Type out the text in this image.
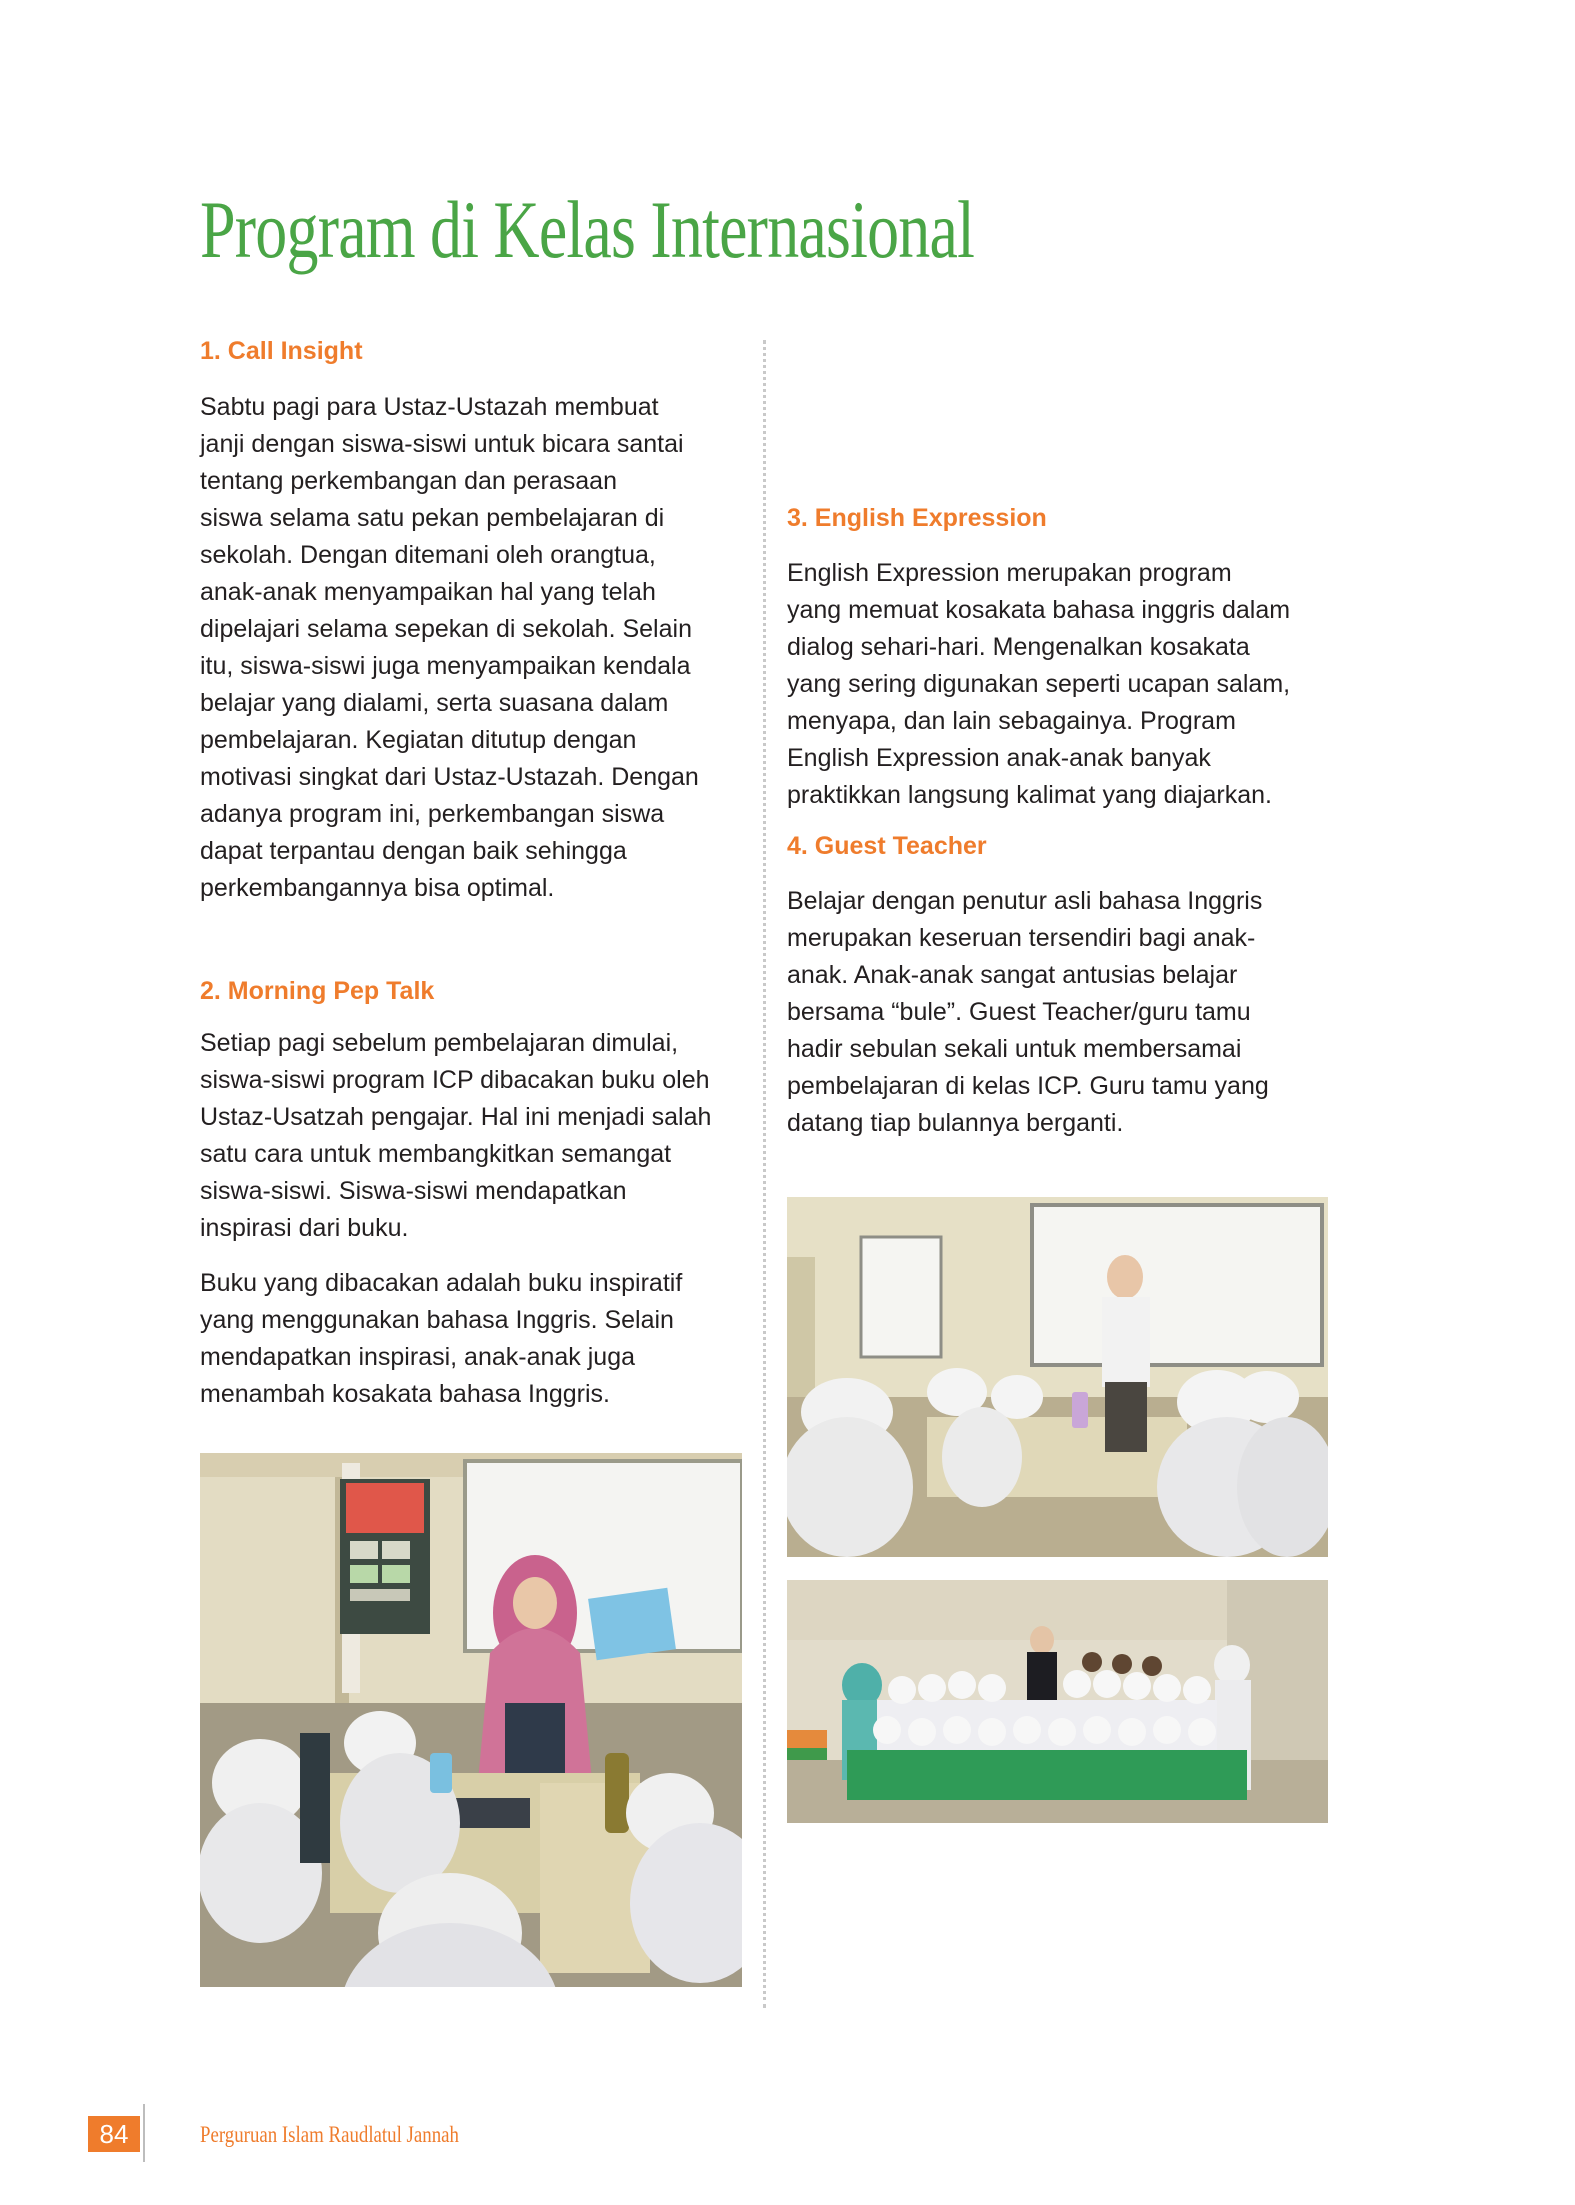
Program di Kelas Internasional
1. Call Insight
Sabtu pagi para Ustaz-Ustazah membuat
janji dengan siswa-siswi untuk bicara santai
tentang perkembangan dan perasaan
siswa selama satu pekan pembelajaran di
sekolah. Dengan ditemani oleh orangtua,
anak-anak menyampaikan hal yang telah
dipelajari selama sepekan di sekolah. Selain
itu, siswa-siswi juga menyampaikan kendala
belajar yang dialami, serta suasana dalam
pembelajaran. Kegiatan ditutup dengan
motivasi singkat dari Ustaz-Ustazah. Dengan
adanya program ini, perkembangan siswa
dapat terpantau dengan baik sehingga
perkembangannya bisa optimal.
2. Morning Pep Talk
Setiap pagi sebelum pembelajaran dimulai,
siswa-siswi program ICP dibacakan buku oleh
Ustaz-Usatzah pengajar. Hal ini menjadi salah
satu cara untuk membangkitkan semangat
siswa-siswi. Siswa-siswi mendapatkan
inspirasi dari buku.
Buku yang dibacakan adalah buku inspiratif
yang menggunakan bahasa Inggris. Selain
mendapatkan inspirasi, anak-anak juga
menambah kosakata bahasa Inggris.
3. English Expression
English Expression merupakan program
yang memuat kosakata bahasa inggris dalam
dialog sehari-hari. Mengenalkan kosakata
yang sering digunakan seperti ucapan salam,
menyapa, dan lain sebagainya. Program
English Expression anak-anak banyak
praktikkan langsung kalimat yang diajarkan.
4. Guest Teacher
Belajar dengan penutur asli bahasa Inggris
merupakan keseruan tersendiri bagi anak-
anak. Anak-anak sangat antusias belajar
bersama “bule”. Guest Teacher/guru tamu
hadir sebulan sekali untuk membersamai
pembelajaran di kelas ICP. Guru tamu yang
datang tiap bulannya berganti.
84	Perguruan Islam Raudlatul Jannah
